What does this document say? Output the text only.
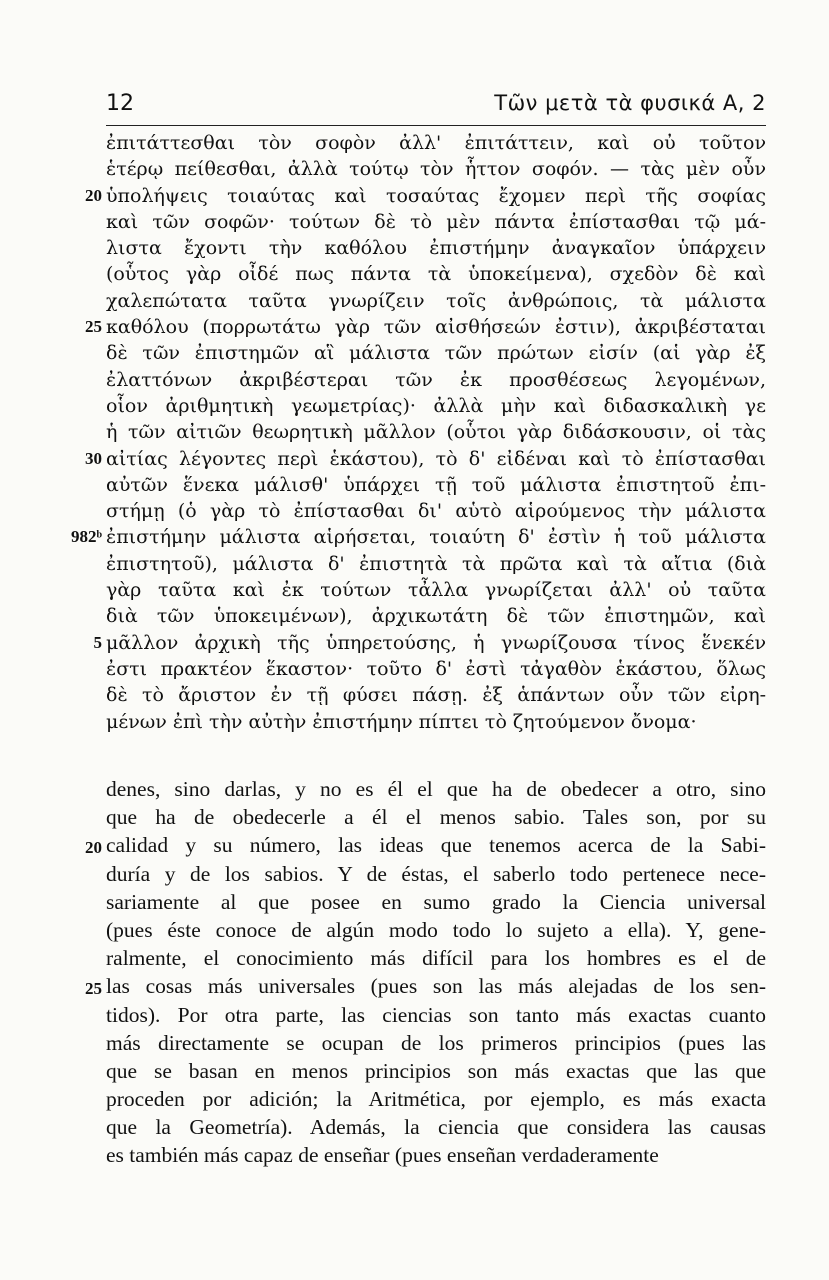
12	Τῶν μετὰ τὰ φυσικά Α, 2
ἐπιτάττεσθαι τὸν σοφὸν ἀλλ' ἐπιτάττειν, καὶ οὐ τοῦτον
ἑτέρῳ πείθεσθαι, ἀλλὰ τούτῳ τὸν ἧττον σοφόν. — τὰς μὲν οὖν
20 ὑπολήψεις τοιαύτας καὶ τοσαύτας ἔχομεν περὶ τῆς σοφίας
καὶ τῶν σοφῶν· τούτων δὲ τὸ μὲν πάντα ἐπίστασθαι τῷ μά-
λιστα ἔχοντι τὴν καθόλου ἐπιστήμην ἀναγκαῖον ὑπάρχειν
(οὗτος γὰρ οἶδέ πως πάντα τὰ ὑποκείμενα), σχεδὸν δὲ καὶ
χαλεπώτατα ταῦτα γνωρίζειν τοῖς ἀνθρώποις, τὰ μάλιστα
25 καθόλου (πορρωτάτω γὰρ τῶν αἰσθήσεών ἐστιν), ἀκριβέσταται
δὲ τῶν ἐπιστημῶν αἳ μάλιστα τῶν πρώτων εἰσίν (αἱ γὰρ ἐξ
ἐλαττόνων ἀκριβέστεραι τῶν ἐκ προσθέσεως λεγομένων,
οἷον ἀριθμητικὴ γεωμετρίας)· ἀλλὰ μὴν καὶ διδασκαλικὴ γε
ἡ τῶν αἰτιῶν θεωρητικὴ μᾶλλον (οὗτοι γὰρ διδάσκουσιν, οἱ τὰς
30 αἰτίας λέγοντες περὶ ἑκάστου), τὸ δ' εἰδέναι καὶ τὸ ἐπίστασθαι
αὐτῶν ἕνεκα μάλισθ' ὑπάρχει τῇ τοῦ μάλιστα ἐπιστητοῦ ἐπι-
στήμῃ (ὁ γὰρ τὸ ἐπίστασθαι δι' αὑτὸ αἱρούμενος τὴν μάλιστα
982ᵇ ἐπιστήμην μάλιστα αἱρήσεται, τοιαύτη δ' ἐστὶν ἡ τοῦ μάλιστα
ἐπιστητοῦ), μάλιστα δ' ἐπιστητὰ τὰ πρῶτα καὶ τὰ αἴτια (διὰ
γὰρ ταῦτα καὶ ἐκ τούτων τἆλλα γνωρίζεται ἀλλ' οὐ ταῦτα
διὰ τῶν ὑποκειμένων), ἀρχικωτάτη δὲ τῶν ἐπιστημῶν, καὶ
5 μᾶλλον ἀρχικὴ τῆς ὑπηρετούσης, ἡ γνωρίζουσα τίνος ἕνεκέν
ἐστι πρακτέον ἕκαστον· τοῦτο δ' ἐστὶ τἀγαθὸν ἑκάστου, ὅλως
δὲ τὸ ἄριστον ἐν τῇ φύσει πάσῃ. ἐξ ἁπάντων οὖν τῶν εἰρη-
μένων ἐπὶ τὴν αὐτὴν ἐπιστήμην πίπτει τὸ ζητούμενον ὄνομα·
denes, sino darlas, y no es él el que ha de obedecer a otro, sino
que ha de obedecerle a él el menos sabio. Tales son, por su
20 calidad y su número, las ideas que tenemos acerca de la Sabi-
duría y de los sabios. Y de éstas, el saberlo todo pertenece nece-
sariamente al que posee en sumo grado la Ciencia universal
(pues éste conoce de algún modo todo lo sujeto a ella). Y, gene-
ralmente, el conocimiento más difícil para los hombres es el de
25 las cosas más universales (pues son las más alejadas de los sen-
tidos). Por otra parte, las ciencias son tanto más exactas cuanto
más directamente se ocupan de los primeros principios (pues las
que se basan en menos principios son más exactas que las que
proceden por adición; la Aritmética, por ejemplo, es más exacta
que la Geometría). Además, la ciencia que considera las causas
es también más capaz de enseñar (pues enseñan verdaderamente
